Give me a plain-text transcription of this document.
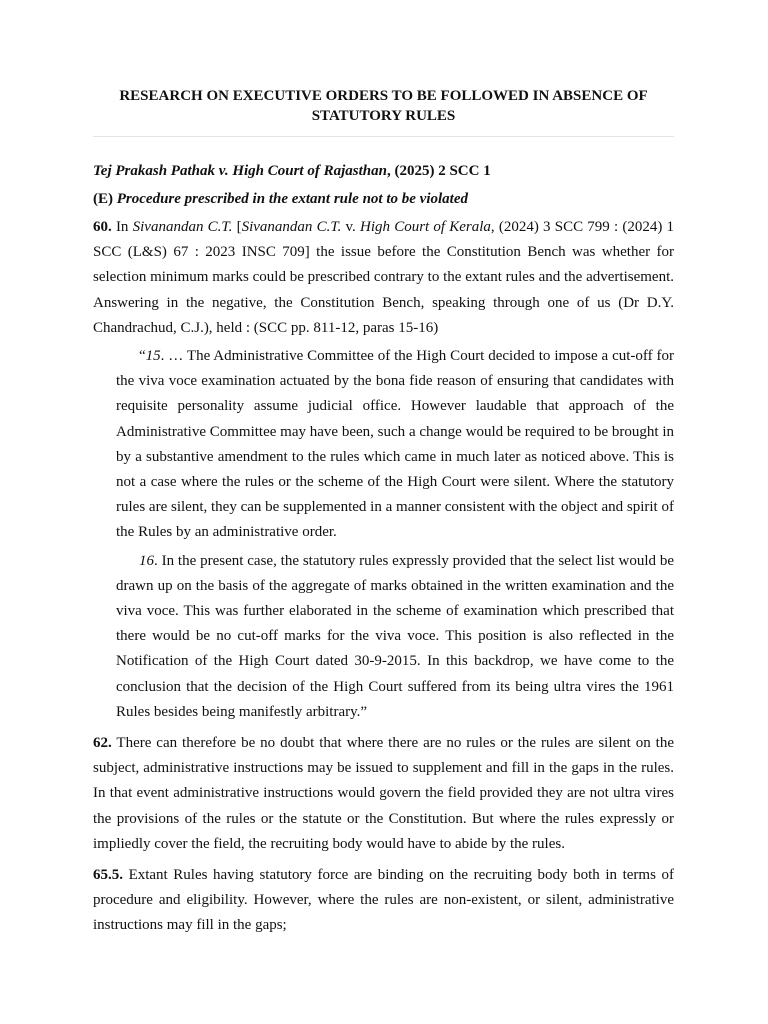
RESEARCH ON EXECUTIVE ORDERS TO BE FOLLOWED IN ABSENCE OF STATUTORY RULES
Tej Prakash Pathak v. High Court of Rajasthan, (2025) 2 SCC 1
(E) Procedure prescribed in the extant rule not to be violated

60. In Sivanandan C.T. [Sivanandan C.T. v. High Court of Kerala, (2024) 3 SCC 799 : (2024) 1 SCC (L&S) 67 : 2023 INSC 709] the issue before the Constitution Bench was whether for selection minimum marks could be prescribed contrary to the extant rules and the advertisement. Answering in the negative, the Constitution Bench, speaking through one of us (Dr D.Y. Chandrachud, C.J.), held : (SCC pp. 811-12, paras 15-16)

“15. … The Administrative Committee of the High Court decided to impose a cut-off for the viva voce examination actuated by the bona fide reason of ensuring that candidates with requisite personality assume judicial office. However laudable that approach of the Administrative Committee may have been, such a change would be required to be brought in by a substantive amendment to the rules which came in much later as noticed above. This is not a case where the rules or the scheme of the High Court were silent. Where the statutory rules are silent, they can be supplemented in a manner consistent with the object and spirit of the Rules by an administrative order.

16. In the present case, the statutory rules expressly provided that the select list would be drawn up on the basis of the aggregate of marks obtained in the written examination and the viva voce. This was further elaborated in the scheme of examination which prescribed that there would be no cut-off marks for the viva voce. This position is also reflected in the Notification of the High Court dated 30-9-2015. In this backdrop, we have come to the conclusion that the decision of the High Court suffered from its being ultra vires the 1961 Rules besides being manifestly arbitrary.”

62. There can therefore be no doubt that where there are no rules or the rules are silent on the subject, administrative instructions may be issued to supplement and fill in the gaps in the rules. In that event administrative instructions would govern the field provided they are not ultra vires the provisions of the rules or the statute or the Constitution. But where the rules expressly or impliedly cover the field, the recruiting body would have to abide by the rules.

65.5. Extant Rules having statutory force are binding on the recruiting body both in terms of procedure and eligibility. However, where the rules are non-existent, or silent, administrative instructions may fill in the gaps;
